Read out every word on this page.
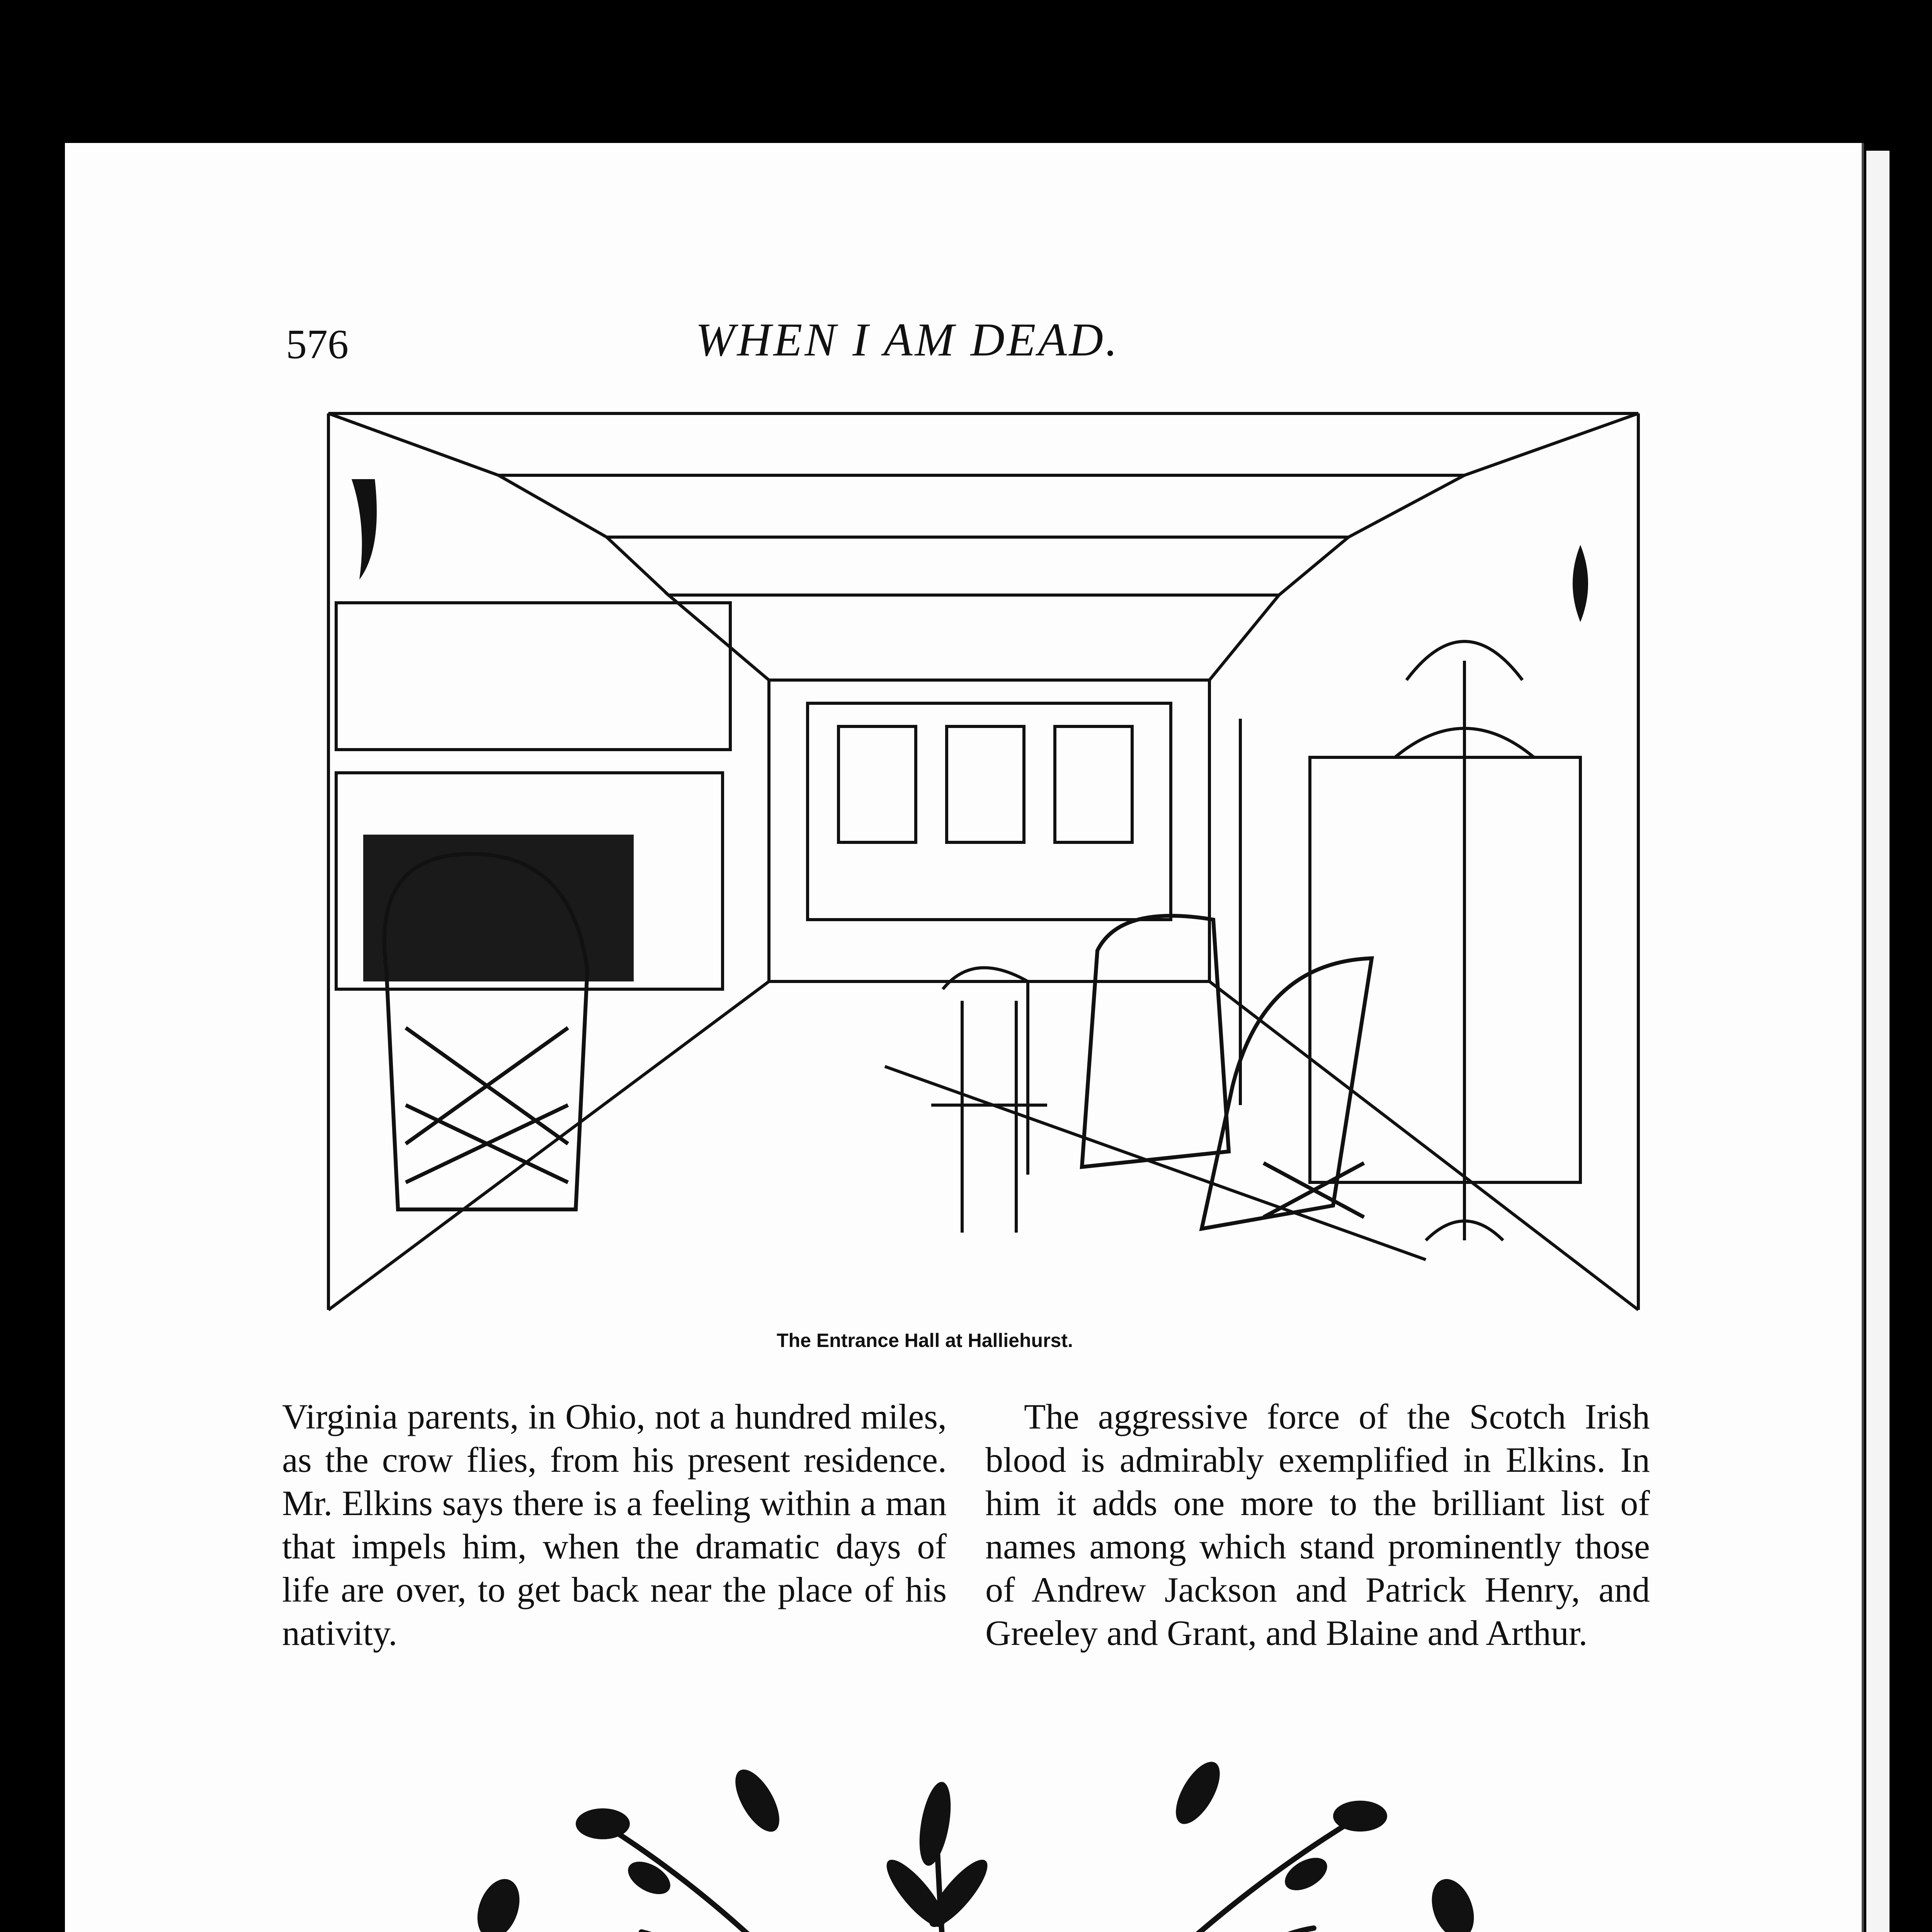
576	WHEN I AM DEAD.

The Entrance Hall at Halliehurst.

Virginia parents, in Ohio, not a hundred miles, as the crow flies, from his present residence. Mr. Elkins says there is a feeling within a man that impels him, when the dramatic days of life are over, to get back near the place of his nativity.

The aggressive force of the Scotch Irish blood is admirably exemplified in Elkins. In him it adds one more to the brilliant list of names among which stand prominently those of Andrew Jackson and Patrick Henry, and Greeley and Grant, and Blaine and Arthur.
